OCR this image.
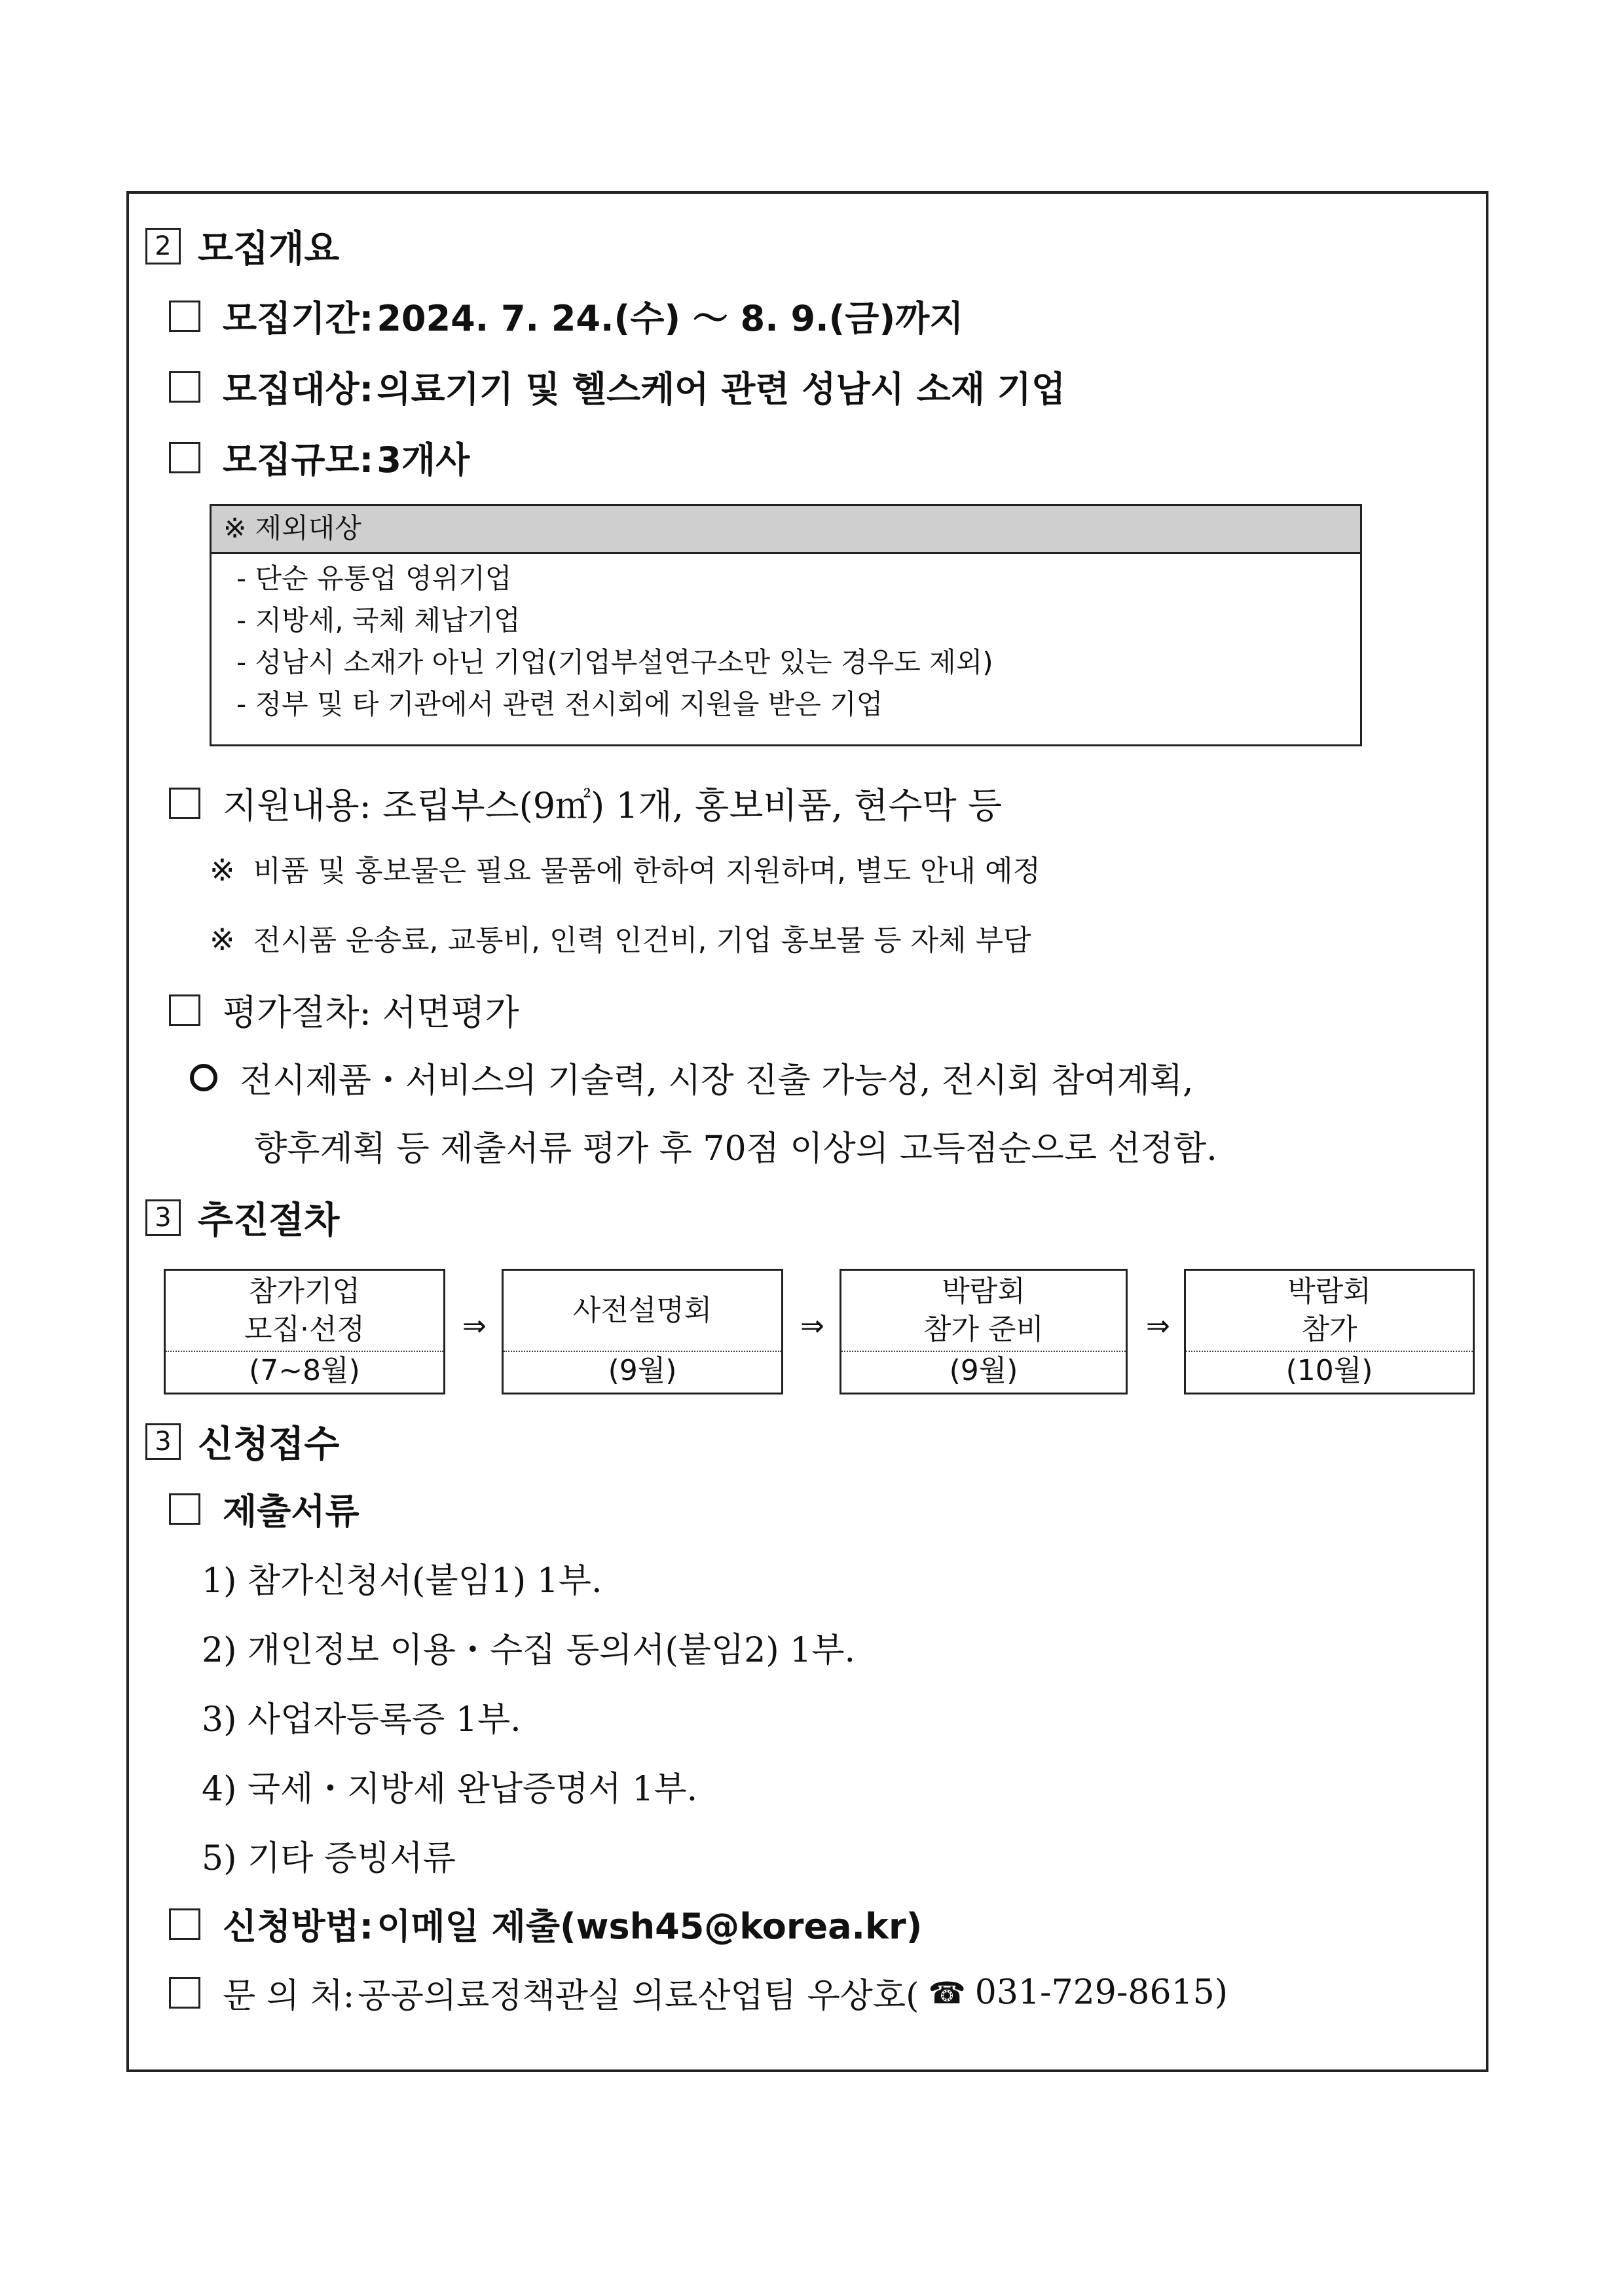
2 모집개요
모집기간: 2024. 7. 24.(수) ～ 8. 9.(금)까지
모집대상: 의료기기 및 헬스케어 관련 성남시 소재 기업
모집규모: 3개사
※ 제외대상
- 단순 유통업 영위기업
- 지방세, 국체 체납기업
- 성남시 소재가 아닌 기업(기업부설연구소만 있는 경우도 제외)
- 정부 및 타 기관에서 관련 전시회에 지원을 받은 기업
지원내용: 조립부스(9㎡) 1개, 홍보비품, 현수막 등
※ 비품 및 홍보물은 필요 물품에 한하여 지원하며, 별도 안내 예정
※ 전시품 운송료, 교통비, 인력 인건비, 기업 홍보물 등 자체 부담
평가절차: 서면평가
전시제품・서비스의 기술력, 시장 진출 가능성, 전시회 참여계획,
향후계획 등 제출서류 평가 후 70점 이상의 고득점순으로 선정함.
3 추진절차
참가기업
모집·선정
(7~8월)
⇒	사전설명회
(9월)
⇒
박람회
참가 준비
(9월)
⇒
박람회
참가
(10월)
3 신청접수
제출서류
1) 참가신청서(붙임1) 1부.
2) 개인정보 이용・수집 동의서(붙임2) 1부.
3) 사업자등록증 1부.
4) 국세・지방세 완납증명서 1부.
5) 기타 증빙서류
신청방법: 이메일 제출(wsh45@korea.kr)
문 의 처: 공공의료정책관실 의료산업팀 우상호( ☎ 031-729-8615)
